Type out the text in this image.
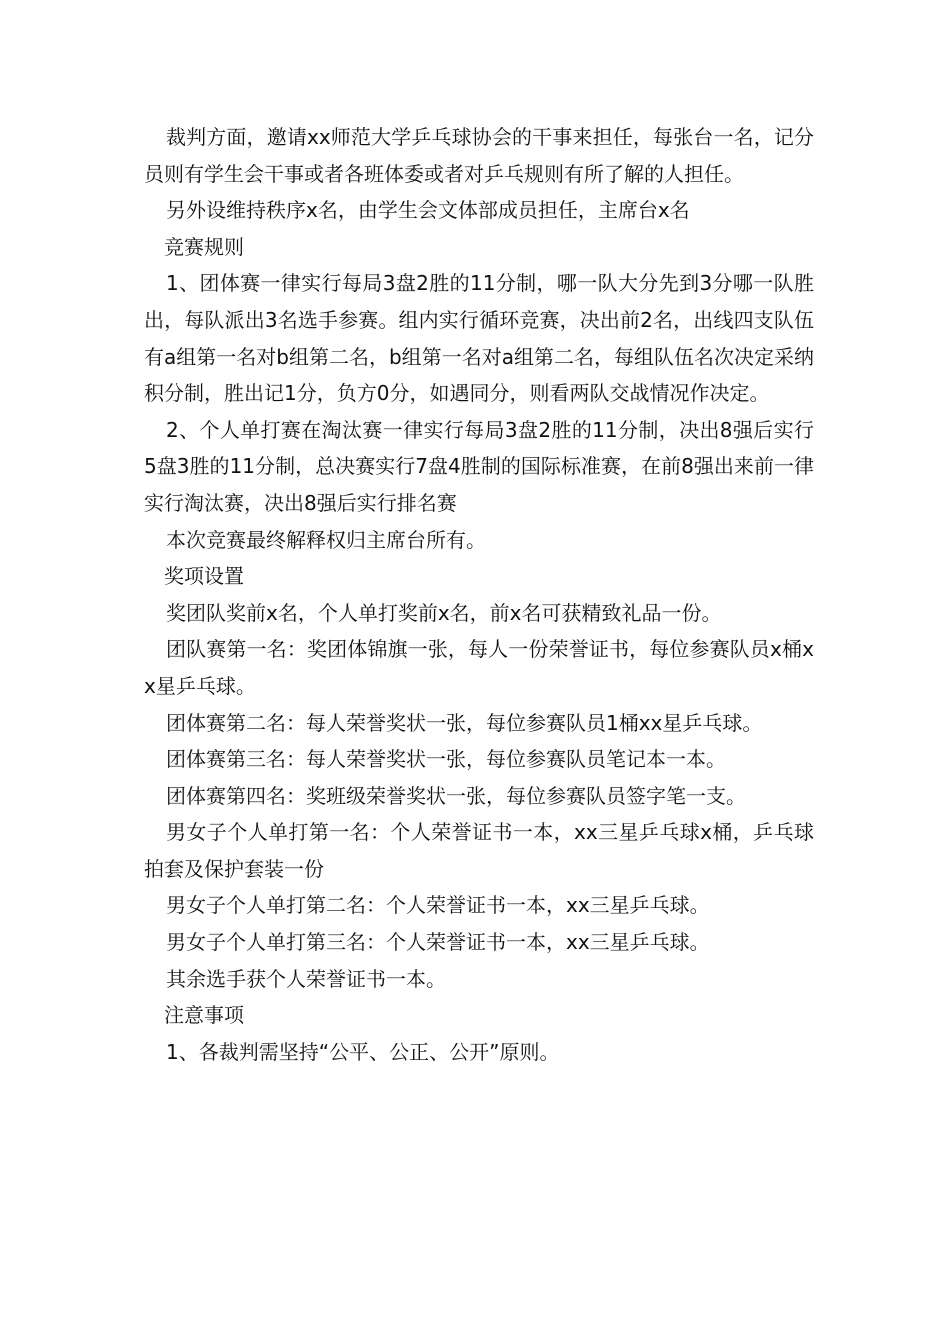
裁判方面，邀请xx师范大学乒乓球协会的干事来担任，每张台一名，记分员则有学生会干事或者各班体委或者对乒乓规则有所了解的人担任。

另外设维持秩序x名，由学生会文体部成员担任，主席台x名

竞赛规则

1、团体赛一律实行每局3盘2胜的11分制，哪一队大分先到3分哪一队胜出，每队派出3名选手参赛。组内实行循环竞赛，决出前2名，出线四支队伍有a组第一名对b组第二名，b组第一名对a组第二名，每组队伍名次决定采纳积分制，胜出记1分，负方0分，如遇同分，则看两队交战情况作决定。

2、个人单打赛在淘汰赛一律实行每局3盘2胜的11分制，决出8强后实行5盘3胜的11分制，总决赛实行7盘4胜制的国际标准赛，在前8强出来前一律实行淘汰赛，决出8强后实行排名赛

本次竞赛最终解释权归主席台所有。

奖项设置

奖团队奖前x名，个人单打奖前x名，前x名可获精致礼品一份。

团队赛第一名：奖团体锦旗一张，每人一份荣誉证书，每位参赛队员x桶xx星乒乓球。

团体赛第二名：每人荣誉奖状一张，每位参赛队员1桶xx星乒乓球。

团体赛第三名：每人荣誉奖状一张，每位参赛队员笔记本一本。

团体赛第四名：奖班级荣誉奖状一张，每位参赛队员签字笔一支。

男女子个人单打第一名：个人荣誉证书一本，xx三星乒乓球x桶，乒乓球拍套及保护套装一份

男女子个人单打第二名：个人荣誉证书一本，xx三星乒乓球。

男女子个人单打第三名：个人荣誉证书一本，xx三星乒乓球。

其余选手获个人荣誉证书一本。

注意事项

1、各裁判需坚持“公平、公正、公开”原则。
